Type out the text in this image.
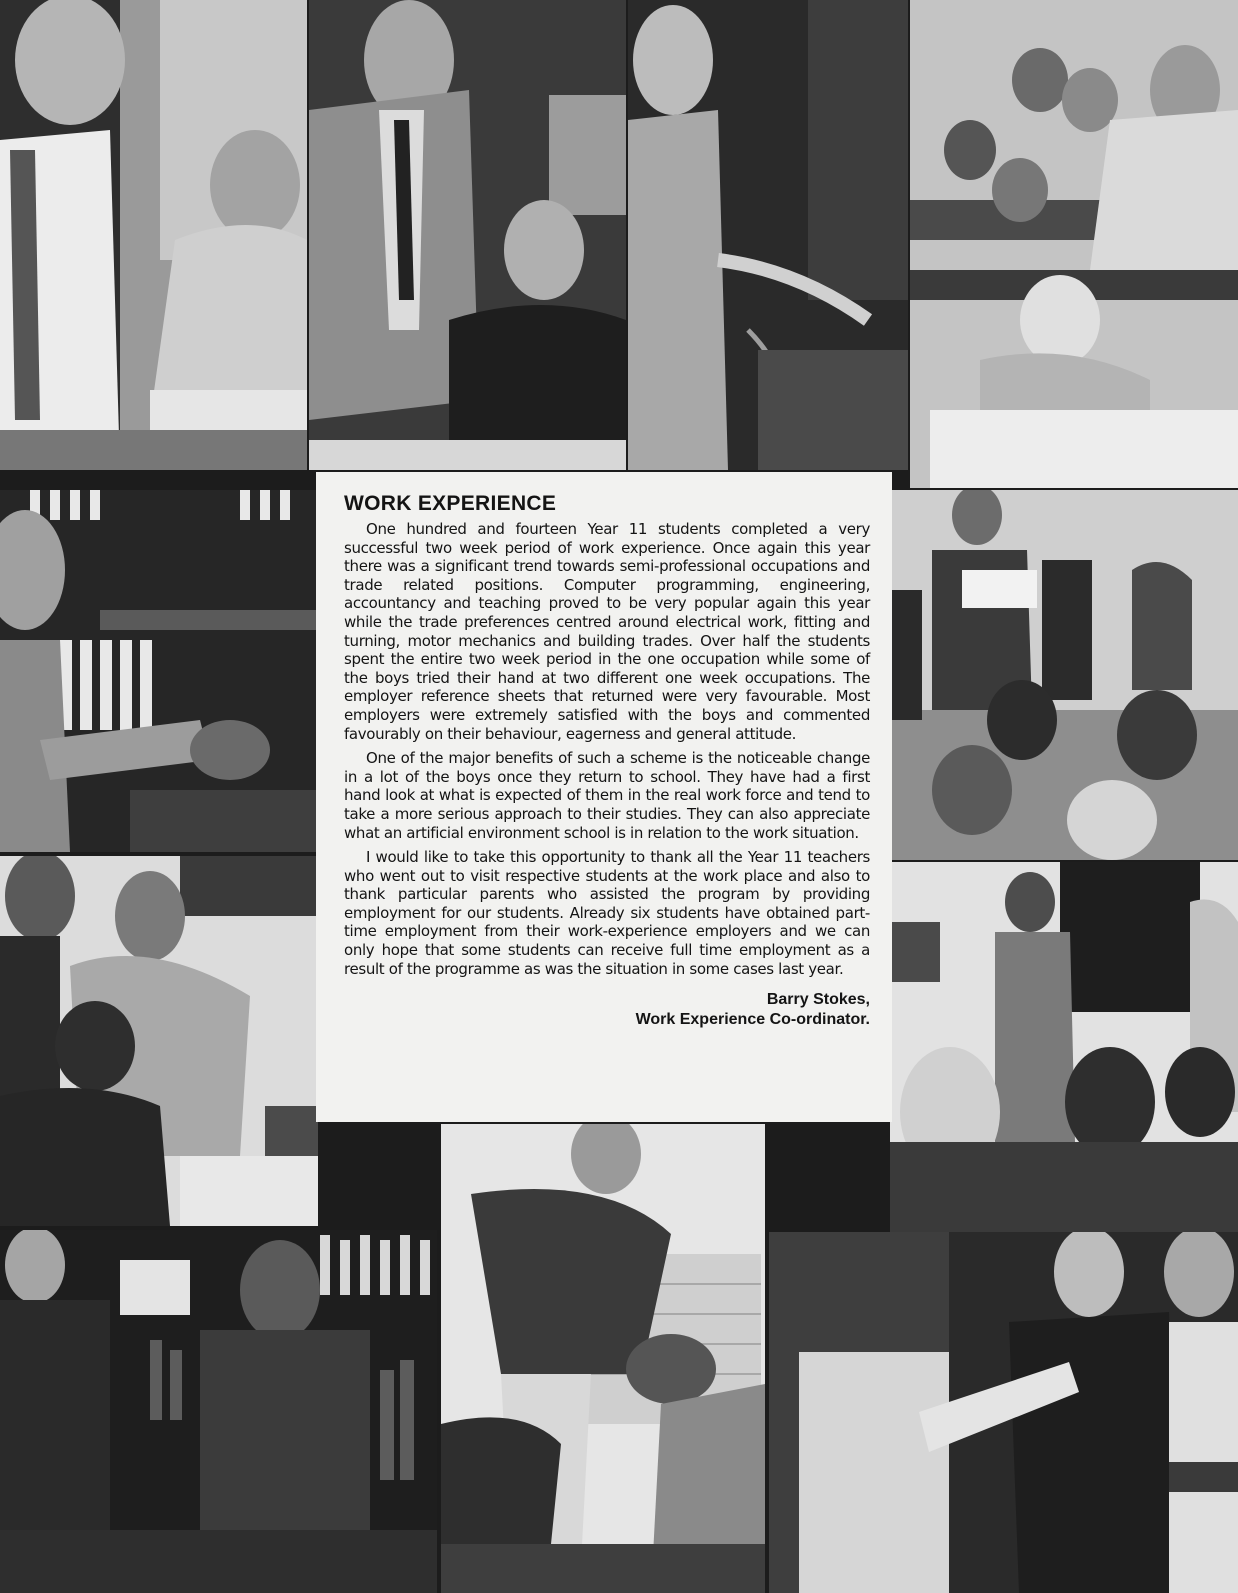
WORK EXPERIENCE

One hundred and fourteen Year 11 students completed a very successful two week period of work experience. Once again this year there was a significant trend towards semi-professional occupations and trade related positions. Computer programming, engineering, accountancy and teaching proved to be very popular again this year while the trade preferences centred around electrical work, fitting and turning, motor mechanics and building trades. Over half the students spent the entire two week period in the one occupation while some of the boys tried their hand at two different one week occupations. The employer reference sheets that returned were very favourable. Most employers were extremely satisfied with the boys and commented favourably on their behaviour, eagerness and general attitude.

One of the major benefits of such a scheme is the noticeable change in a lot of the boys once they return to school. They have had a first hand look at what is expected of them in the real work force and tend to take a more serious approach to their studies. They can also appreciate what an artificial environment school is in relation to the work situation.

I would like to take this opportunity to thank all the Year 11 teachers who went out to visit respective students at the work place and also to thank particular parents who assisted the program by providing employment for our students. Already six students have obtained part-time employment from their work-experience employers and we can only hope that some students can receive full time employment as a result of the programme as was the situation in some cases last year.

Barry Stokes,
Work Experience Co-ordinator.
